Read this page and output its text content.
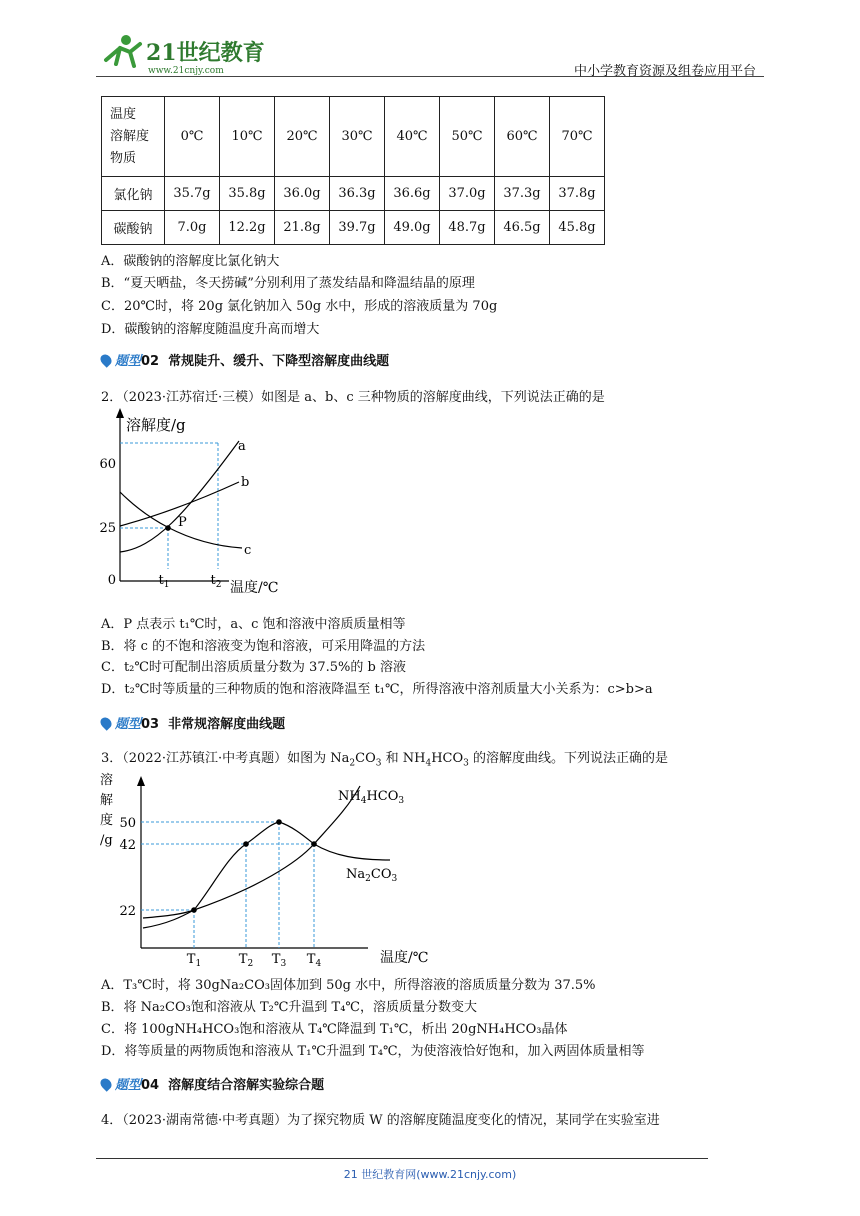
21世纪教育
www.21cnjy.com	中小学教育资源及组卷应用平台
温度
溶解度
物质	0℃	10℃	20℃	30℃	40℃	50℃	60℃	70℃
氯化钠	35.7g	35.8g	36.0g	36.3g	36.6g	37.0g	37.3g	37.8g
碳酸钠	7.0g	12.2g	21.8g	39.7g	49.0g	48.7g	46.5g	45.8g
A．碳酸钠的溶解度比氯化钠大
B．“夏天晒盐，冬天捞碱”分别利用了蒸发结晶和降温结晶的原理
C．20℃时，将 20g 氯化钠加入 50g 水中，形成的溶液质量为 70g
D．碳酸钠的溶解度随温度升高而增大
题型02 常规陡升、缓升、下降型溶解度曲线题
2．（2023·江苏宿迁·三模）如图是 a、b、c 三种物质的溶解度曲线，下列说法正确的是
溶解度/g
温度/℃
0
60
25
$t_1$	$t_2$
P
a
b
c
A．P 点表示 t₁℃时，a、c 饱和溶液中溶质质量相等
B．将 c 的不饱和溶液变为饱和溶液，可采用降温的方法
C．t₂℃时可配制出溶质质量分数为 37.5%的 b 溶液
D．t₂℃时等质量的三种物质的饱和溶液降温至 t₁℃，所得溶液中溶剂质量大小关系为：c>b>a
题型03 非常规溶解度曲线题
3．（2022·江苏镇江·中考真题）如图为 $Na_2CO_3$ 和 $NH_4HCO_3$ 的溶解度曲线。下列说法正确的是
溶
解
度
/g
温度/℃
50
42
22
$T_1$	$T_2$ $T_3$ $T_4$
$NH_4HCO_3$
$Na_2CO_3$
A．T₃℃时，将 30gNa₂CO₃固体加到 50g 水中，所得溶液的溶质质量分数为 37.5%
B．将 Na₂CO₃饱和溶液从 T₂℃升温到 T₄℃，溶质质量分数变大
C．将 100gNH₄HCO₃饱和溶液从 T₄℃降温到 T₁℃，析出 20gNH₄HCO₃晶体
D．将等质量的两物质饱和溶液从 T₁℃升温到 T₄℃，为使溶液恰好饱和，加入两固体质量相等
题型04 溶解度结合溶解实验综合题
4．（2023·湖南常德·中考真题）为了探究物质 W 的溶解度随温度变化的情况，某同学在实验室进
21 世纪教育网(www.21cnjy.com)
